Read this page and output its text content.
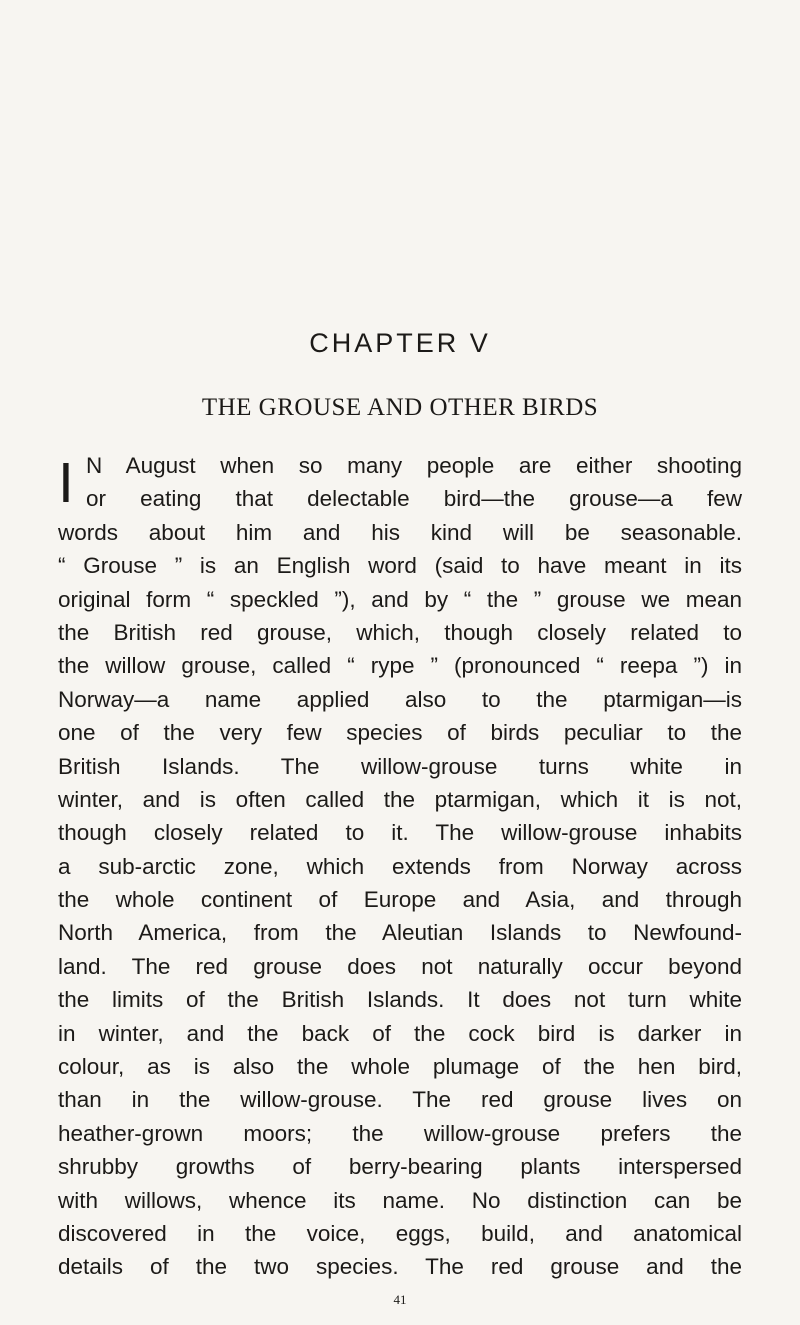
CHAPTER V
THE GROUSE AND OTHER BIRDS
I N August when so many people are either shooting
or eating that delectable bird—the grouse—a few
words about him and his kind will be seasonable.
“ Grouse ” is an English word (said to have meant in its
original form “ speckled ”), and by “ the ” grouse we mean
the British red grouse, which, though closely related to
the willow grouse, called “ rype ” (pronounced “ reepa ”) in
Norway—a name applied also to the ptarmigan—is
one of the very few species of birds peculiar to the
British Islands. The willow-grouse turns white in
winter, and is often called the ptarmigan, which it is not,
though closely related to it. The willow-grouse inhabits
a sub-arctic zone, which extends from Norway across
the whole continent of Europe and Asia, and through
North America, from the Aleutian Islands to Newfound-
land. The red grouse does not naturally occur beyond
the limits of the British Islands. It does not turn white
in winter, and the back of the cock bird is darker in
colour, as is also the whole plumage of the hen bird,
than in the willow-grouse. The red grouse lives on
heather-grown moors; the willow-grouse prefers the
shrubby growths of berry-bearing plants interspersed
with willows, whence its name. No distinction can be
discovered in the voice, eggs, build, and anatomical
details of the two species. The red grouse and the
41
